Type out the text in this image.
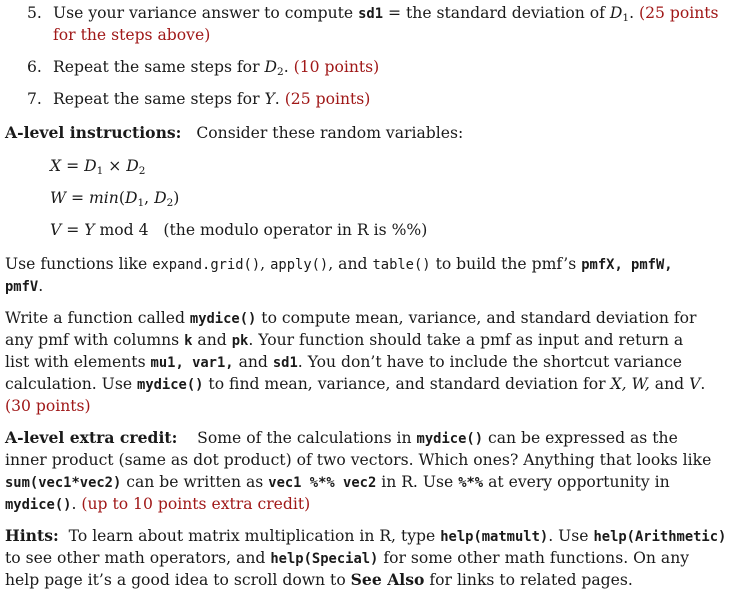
5. Use your variance answer to compute sd1 = the standard deviation of $D_1$. (25 points
for the steps above)
6. Repeat the same steps for $D_2$. (10 points)
7. Repeat the same steps for Y. (25 points)
A-level instructions: Consider these random variables:
$X = D_1 \times D_2$
$W = \min(D_1$, $D_2$)
V = Y mod 4 (the modulo operator in R is %%)
Use functions like expand.grid(), apply(), and table() to build the pmf’s pmfX, pmfW,
pmfV.
Write a function called mydice() to compute mean, variance, and standard deviation for
any pmf with columns k and pk. Your function should take a pmf as input and return a
list with elements mu1, var1, and sd1. You don’t have to include the shortcut variance
calculation. Use mydice() to find mean, variance, and standard deviation for X, W, and V.
(30 points)
A-level extra credit: Some of the calculations in mydice() can be expressed as the
inner product (same as dot product) of two vectors. Which ones? Anything that looks like
sum(vec1*vec2) can be written as vec1 %*% vec2 in R. Use %*% at every opportunity in
mydice(). (up to 10 points extra credit)
Hints: To learn about matrix multiplication in R, type help(matmult). Use help(Arithmetic)
to see other math operators, and help(Special) for some other math functions. On any
help page it’s a good idea to scroll down to See Also for links to related pages.
